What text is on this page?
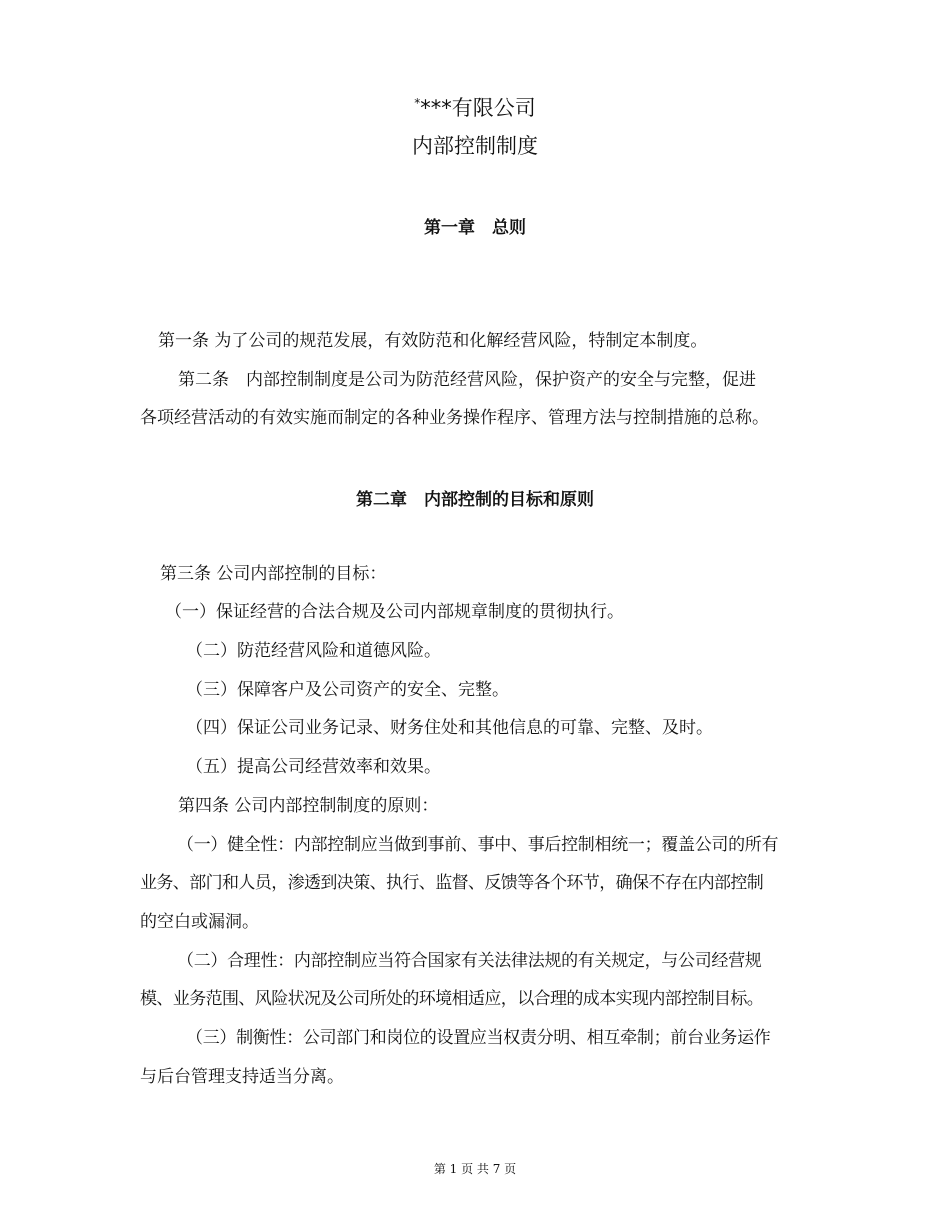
****有限公司
内部控制制度
第一章　总则
第一条 为了公司的规范发展，有效防范和化解经营风险，特制定本制度。
第二条　内部控制制度是公司为防范经营风险，保护资产的安全与完整，促进
各项经营活动的有效实施而制定的各种业务操作程序、管理方法与控制措施的总称。
第二章　内部控制的目标和原则
第三条 公司内部控制的目标：
（一）保证经营的合法合规及公司内部规章制度的贯彻执行。
（二）防范经营风险和道德风险。
（三）保障客户及公司资产的安全、完整。
（四）保证公司业务记录、财务住处和其他信息的可靠、完整、及时。
（五）提高公司经营效率和效果。
第四条 公司内部控制制度的原则：
（一）健全性：内部控制应当做到事前、事中、事后控制相统一；覆盖公司的所有
业务、部门和人员，渗透到决策、执行、监督、反馈等各个环节，确保不存在内部控制
的空白或漏洞。
（二）合理性：内部控制应当符合国家有关法律法规的有关规定，与公司经营规
模、业务范围、风险状况及公司所处的环境相适应，以合理的成本实现内部控制目标。
（三）制衡性：公司部门和岗位的设置应当权责分明、相互牵制；前台业务运作
与后台管理支持适当分离。
第 1 页 共 7 页
